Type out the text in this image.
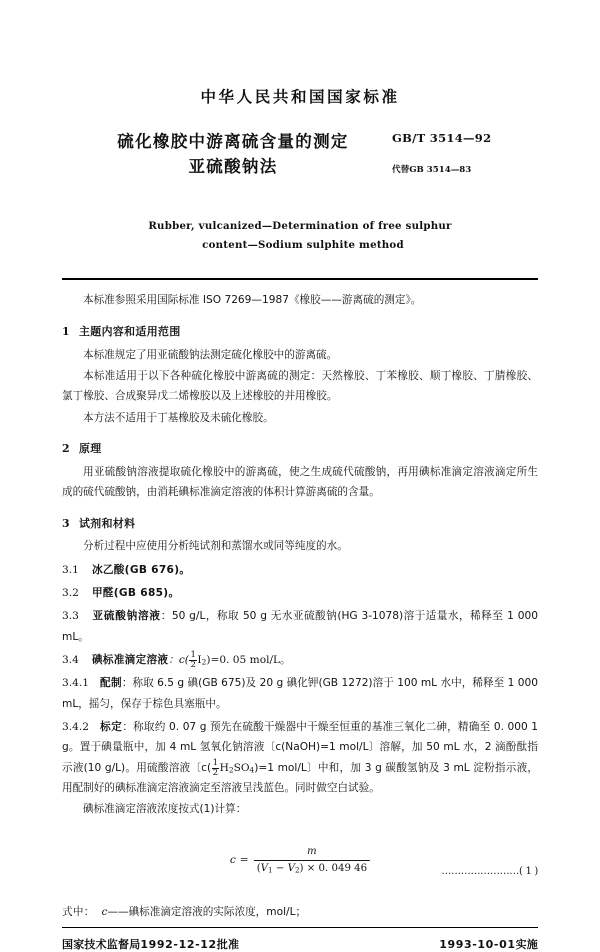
中华人民共和国国家标准
硫化橡胶中游离硫含量的测定
亚硫酸钠法
GB/T 3514—92
代替GB 3514—83
Rubber, vulcanized—Determination of free sulphur
content—Sodium sulphite method

本标准参照采用国际标准 ISO 7269—1987《橡胶——游离硫的测定》。

1 主题内容和适用范围

本标准规定了用亚硫酸钠法测定硫化橡胶中的游离硫。

本标准适用于以下各种硫化橡胶中游离硫的测定：天然橡胶、丁苯橡胶、顺丁橡胶、丁腈橡胶、氯丁橡胶、合成聚异戊二烯橡胶以及上述橡胶的并用橡胶。

本方法不适用于丁基橡胶及未硫化橡胶。

2 原理

用亚硫酸钠溶液提取硫化橡胶中的游离硫，使之生成硫代硫酸钠，再用碘标准滴定溶液滴定所生成的硫代硫酸钠，由消耗碘标准滴定溶液的体积计算游离硫的含量。

3 试剂和材料

分析过程中应使用分析纯试剂和蒸馏水或同等纯度的水。

3.1 冰乙酸(GB 676)。

3.2 甲醛(GB 685)。

3.3 亚硫酸钠溶液：50 g/L，称取 50 g 无水亚硫酸钠(HG 3-1078)溶于适量水，稀释至 1 000 mL。

3.4 碘标准滴定溶液：$c( \frac{1}{2} I_2)=0$. 05 mol/L。

3.4.1 配制：称取 6.5 g 碘(GB 675)及 20 g 碘化钾(GB 1272)溶于 100 mL 水中，稀释至 1 000 mL，摇匀，保存于棕色具塞瓶中。

3.4.2 标定：称取约 0. 07 g 预先在硫酸干燥器中干燥至恒重的基准三氧化二砷，精确至 0. 000 1 g。置于碘量瓶中，加 4 mL 氢氧化钠溶液〔c(NaOH)=1 mol/L〕溶解，加 50 mL 水，2 滴酚酞指示液(10 g/L)。用硫酸溶液〔$c( \frac{1}{2} H_2SO_4)=1$ mol/L〕中和，加 3 g 碳酸氢钠及 3 mL 淀粉指示液，用配制好的碘标准滴定溶液滴定至溶液呈浅蓝色。同时做空白试验。

碘标准滴定溶液浓度按式(1)计算：

$c = \frac{m}{(V_1 - V_2) \times 0. 049 46}$	……………………( 1 )

式中： c——碘标准滴定溶液的实际浓度，mol/L；

国家技术监督局1992-12-12批准	1993-10-01实施
